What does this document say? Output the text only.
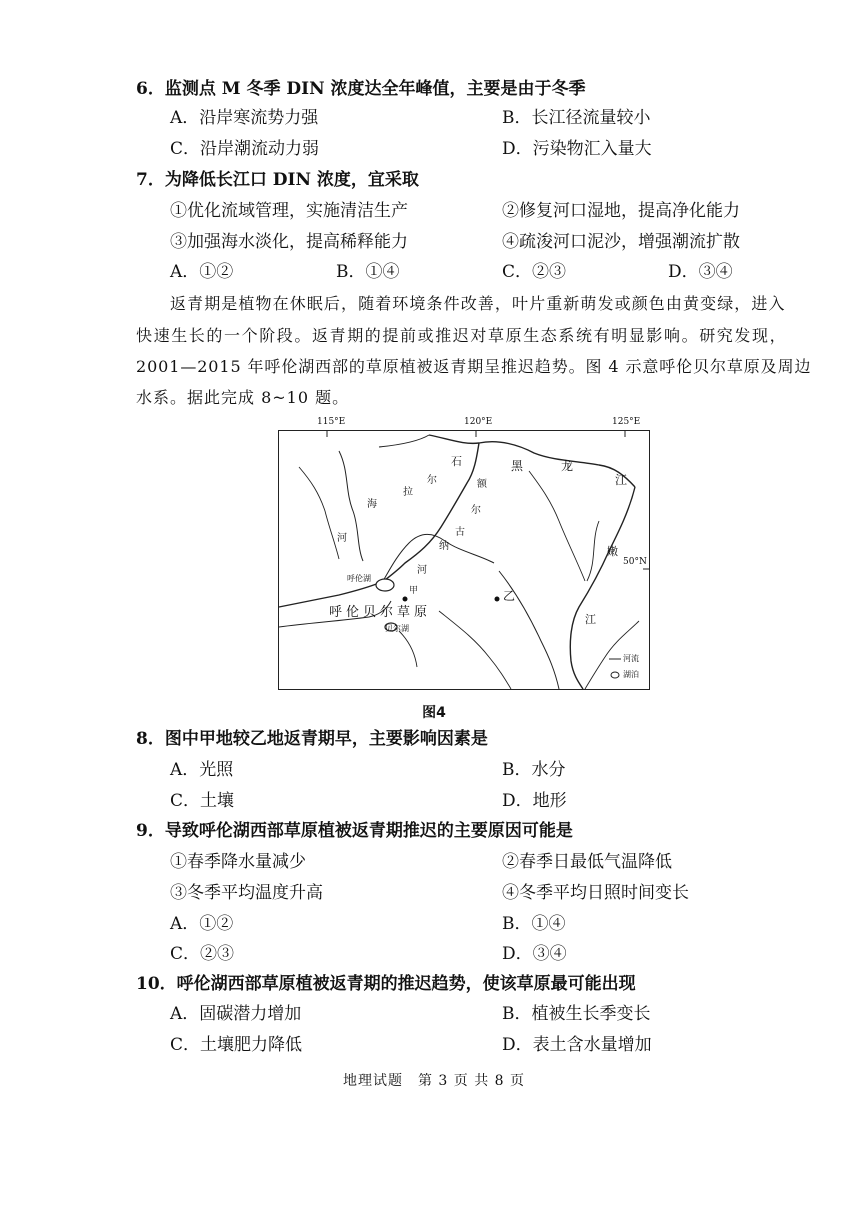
6．监测点 M 冬季 DIN 浓度达全年峰值，主要是由于冬季
A．沿岸寒流势力强	B．长江径流量较小
C．沿岸潮流动力弱	D．污染物汇入量大
7．为降低长江口 DIN 浓度，宜采取
①优化流域管理，实施清洁生产	②修复河口湿地，提高净化能力
③加强海水淡化，提高稀释能力	④疏浚河口泥沙，增强潮流扩散
A．①②	B．①④	C．②③	D．③④
返青期是植物在休眠后，随着环境条件改善，叶片重新萌发或颜色由黄变绿，进入
快速生长的一个阶段。返青期的提前或推迟对草原生态系统有明显影响。研究发现，
2001—2015 年呼伦湖西部的草原植被返青期呈推迟趋势。图 4 示意呼伦贝尔草原及周边
水系。据此完成 8~10 题。
115°E	120°E	125°E
50°N
石	黑	龙
江
海
拉
尔	额
尔
古
纳
河
河
嫩
江
呼伦湖
甲	乙
呼伦贝尔草原
贝尔湖
河流
湖泊
图4
8．图中甲地较乙地返青期早，主要影响因素是
A．光照	B．水分
C．土壤	D．地形
9．导致呼伦湖西部草原植被返青期推迟的主要原因可能是
①春季降水量减少	②春季日最低气温降低
③冬季平均温度升高	④冬季平均日照时间变长
A．①②	B．①④
C．②③	D．③④
10．呼伦湖西部草原植被返青期的推迟趋势，使该草原最可能出现
A．固碳潜力增加	B．植被生长季变长
C．土壤肥力降低	D．表土含水量增加
地理试题　第 3 页 共 8 页
